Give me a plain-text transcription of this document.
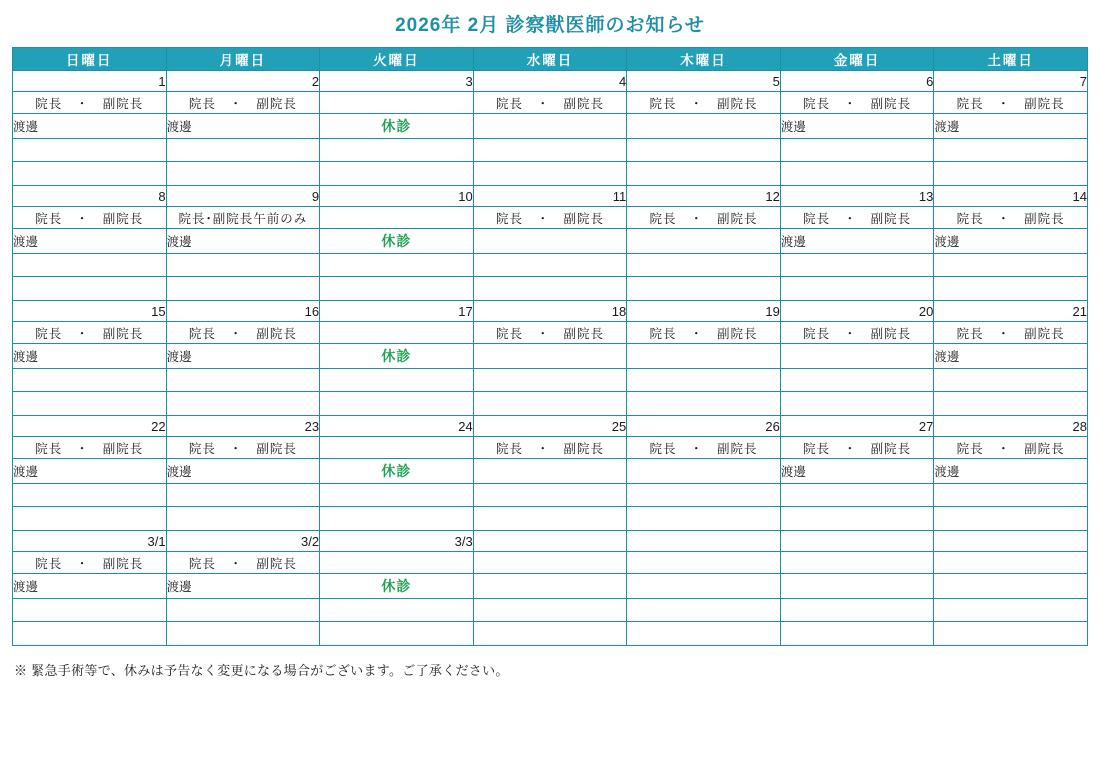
2026年 2月 診察獣医師のお知らせ
日曜日	月曜日	火曜日	水曜日	木曜日	金曜日	土曜日
1	2	3	4	5	6	7
院長　・　副院長	院長　・　副院長		院長　・　副院長	院長　・　副院長	院長　・　副院長	院長　・　副院長
渡邊	渡邊	休診			渡邊	渡邊

8	9	10	11	12	13	14
院長　・　副院長	院長･副院長午前のみ		院長　・　副院長	院長　・　副院長	院長　・　副院長	院長　・　副院長
渡邊	渡邊	休診			渡邊	渡邊

15	16	17	18	19	20	21
院長　・　副院長	院長　・　副院長		院長　・　副院長	院長　・　副院長	院長　・　副院長	院長　・　副院長
渡邊	渡邊	休診				渡邊

22	23	24	25	26	27	28
院長　・　副院長	院長　・　副院長		院長　・　副院長	院長　・　副院長	院長　・　副院長	院長　・　副院長
渡邊	渡邊	休診			渡邊	渡邊

3/1	3/2	3/3				
院長　・　副院長	院長　・　副院長					
渡邊	渡邊	休診				

※ 緊急手術等で、休みは予告なく変更になる場合がございます。ご了承ください。
